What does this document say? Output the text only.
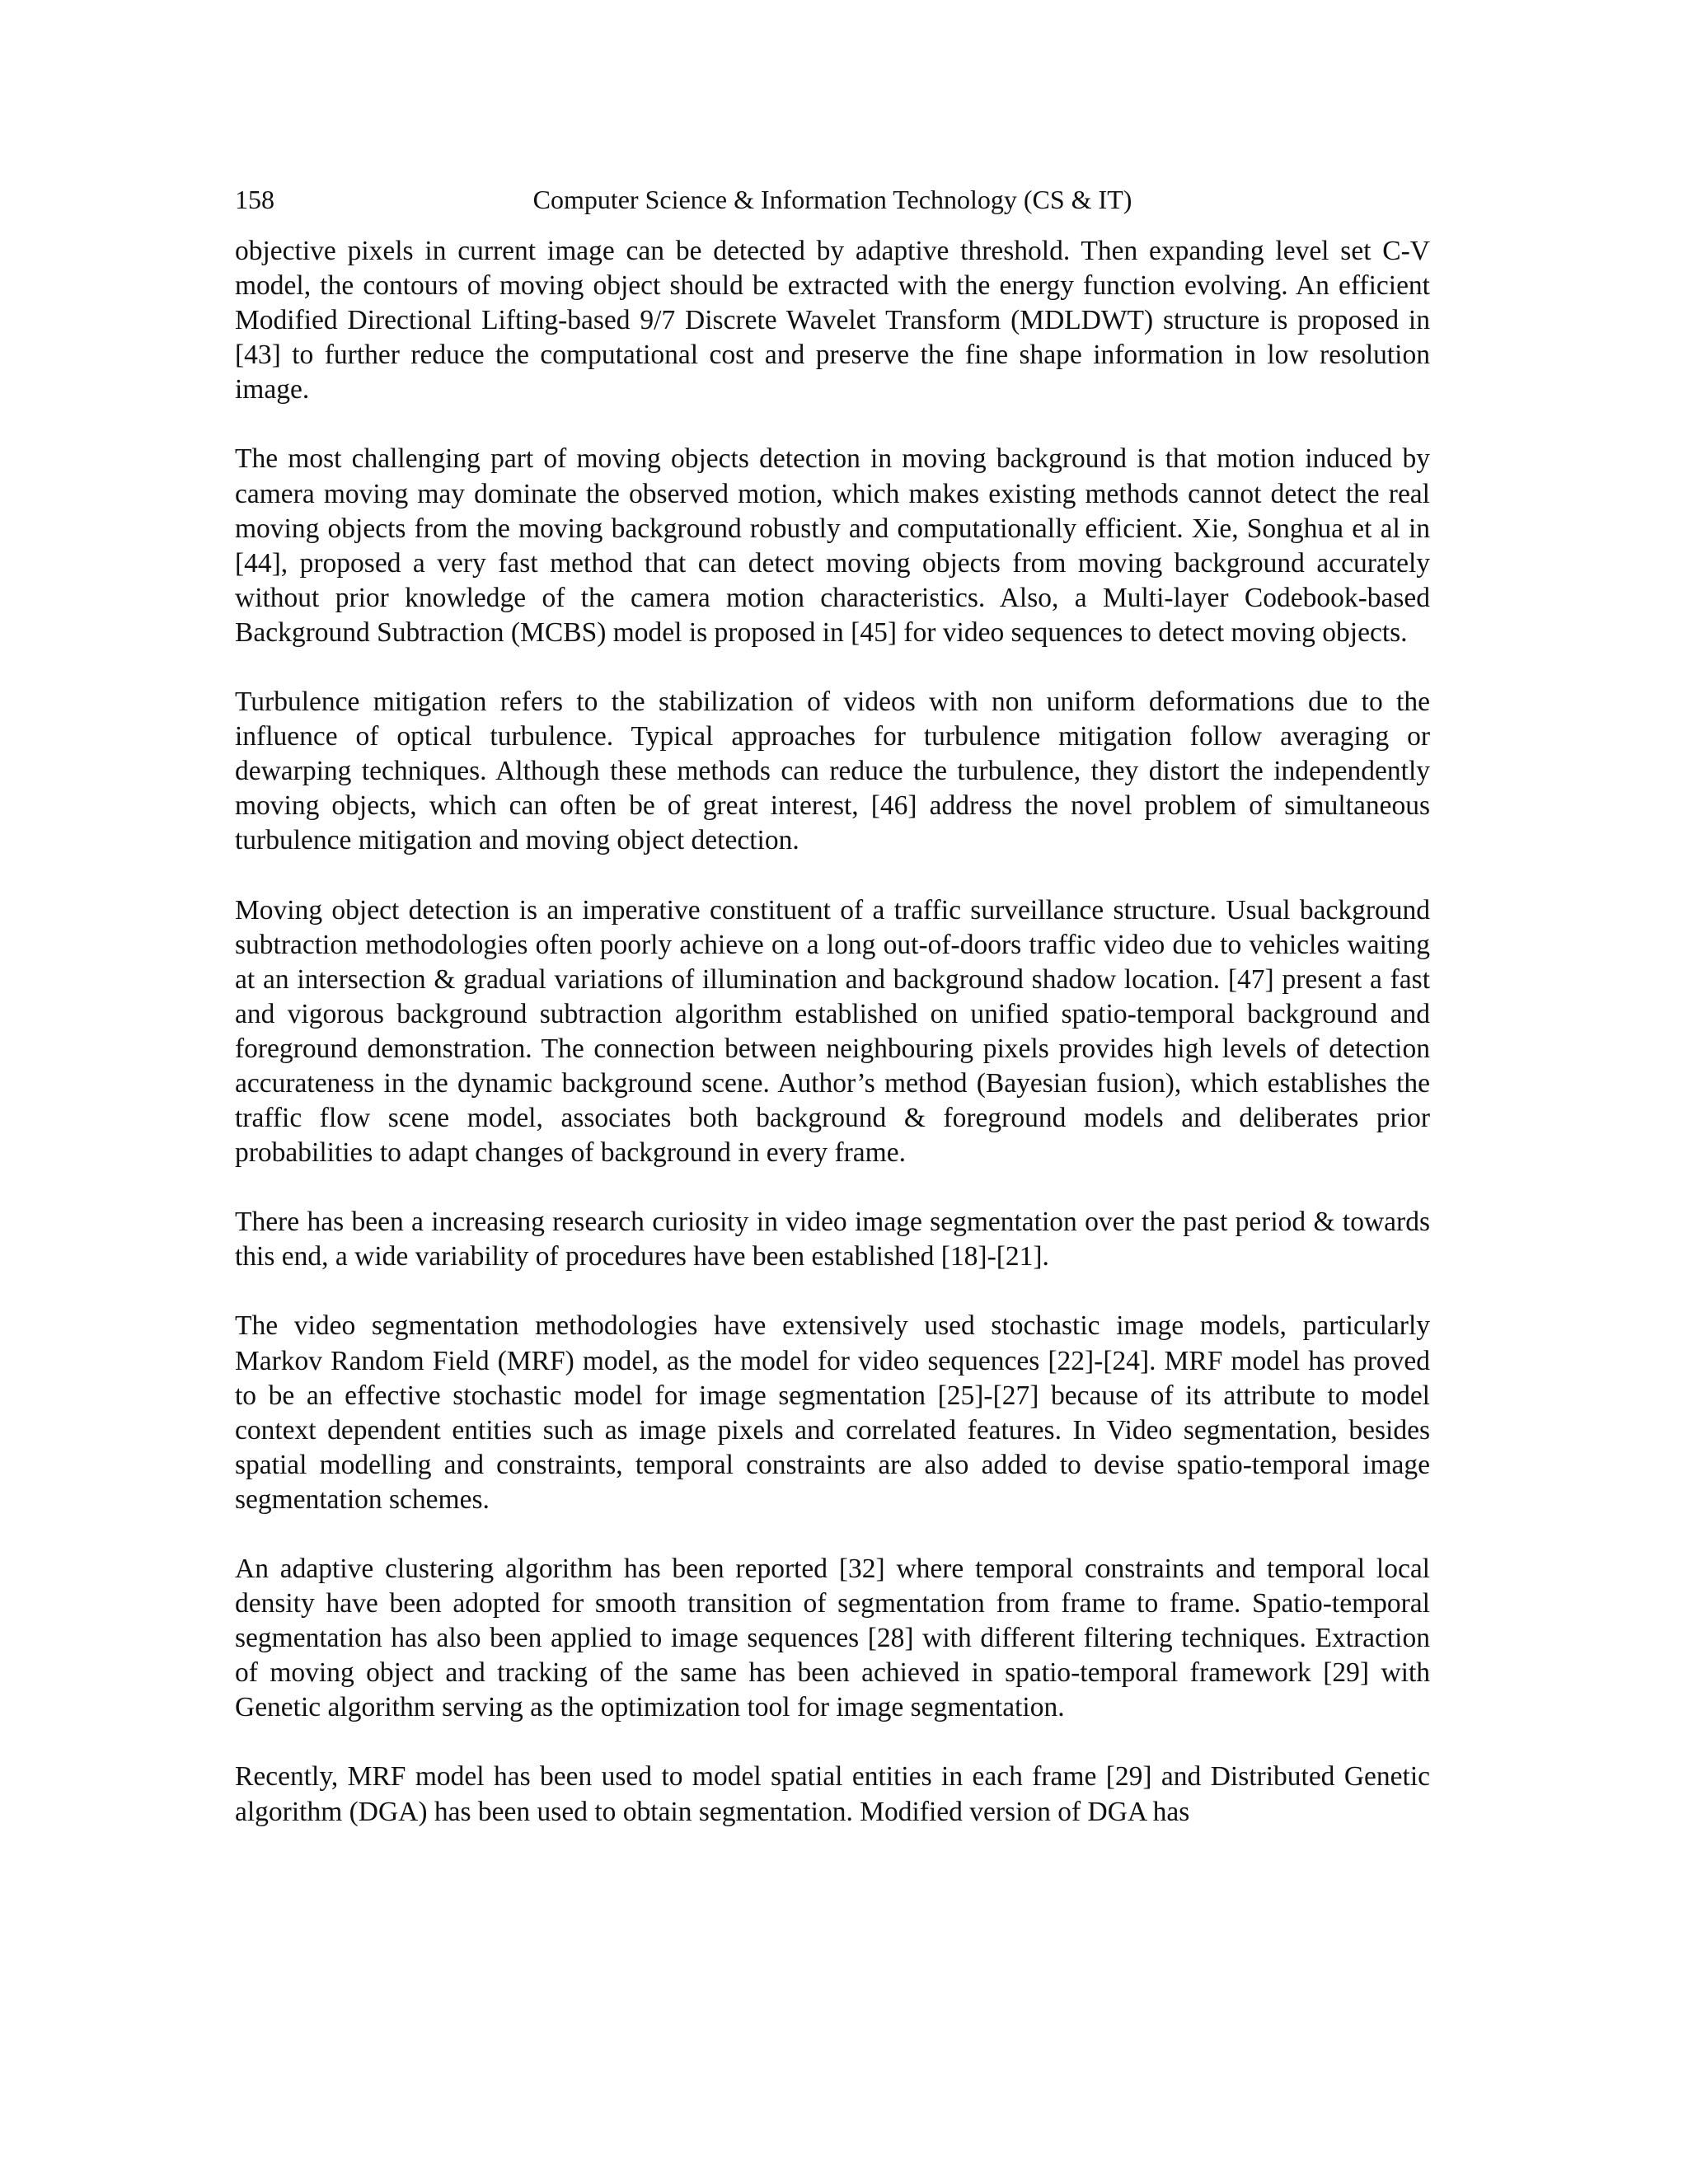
158	Computer Science & Information Technology (CS & IT)

objective pixels in current image can be detected by adaptive threshold. Then expanding level set C-V model, the contours of moving object should be extracted with the energy function evolving. An efficient Modified Directional Lifting-based 9/7 Discrete Wavelet Transform (MDLDWT) structure is proposed in [43] to further reduce the computational cost and preserve the fine shape information in low resolution image.

The most challenging part of moving objects detection in moving background is that motion induced by camera moving may dominate the observed motion, which makes existing methods cannot detect the real moving objects from the moving background robustly and computationally efficient. Xie, Songhua et al in [44], proposed a very fast method that can detect moving objects from moving background accurately without prior knowledge of the camera motion characteristics. Also, a Multi-layer Codebook-based Background Subtraction (MCBS) model is proposed in [45] for video sequences to detect moving objects.

Turbulence mitigation refers to the stabilization of videos with non uniform deformations due to the influence of optical turbulence. Typical approaches for turbulence mitigation follow averaging or dewarping techniques. Although these methods can reduce the turbulence, they distort the independently moving objects, which can often be of great interest, [46] address the novel problem of simultaneous turbulence mitigation and moving object detection.

Moving object detection is an imperative constituent of a traffic surveillance structure. Usual background subtraction methodologies often poorly achieve on a long out-of-doors traffic video due to vehicles waiting at an intersection & gradual variations of illumination and background shadow location. [47] present a fast and vigorous background subtraction algorithm established on unified spatio-temporal background and foreground demonstration. The connection between neighbouring pixels provides high levels of detection accurateness in the dynamic background scene. Author’s method (Bayesian fusion), which establishes the traffic flow scene model, associates both background & foreground models and deliberates prior probabilities to adapt changes of background in every frame.

There has been a increasing research curiosity in video image segmentation over the past period & towards this end, a wide variability of procedures have been established [18]-[21].

The video segmentation methodologies have extensively used stochastic image models, particularly Markov Random Field (MRF) model, as the model for video sequences [22]-[24]. MRF model has proved to be an effective stochastic model for image segmentation [25]-[27] because of its attribute to model context dependent entities such as image pixels and correlated features. In Video segmentation, besides spatial modelling and constraints, temporal constraints are also added to devise spatio-temporal image segmentation schemes.

An adaptive clustering algorithm has been reported [32] where temporal constraints and temporal local density have been adopted for smooth transition of segmentation from frame to frame. Spatio-temporal segmentation has also been applied to image sequences [28] with different filtering techniques. Extraction of moving object and tracking of the same has been achieved in spatio-temporal framework [29] with Genetic algorithm serving as the optimization tool for image segmentation.

Recently, MRF model has been used to model spatial entities in each frame [29] and Distributed Genetic algorithm (DGA) has been used to obtain segmentation. Modified version of DGA has
